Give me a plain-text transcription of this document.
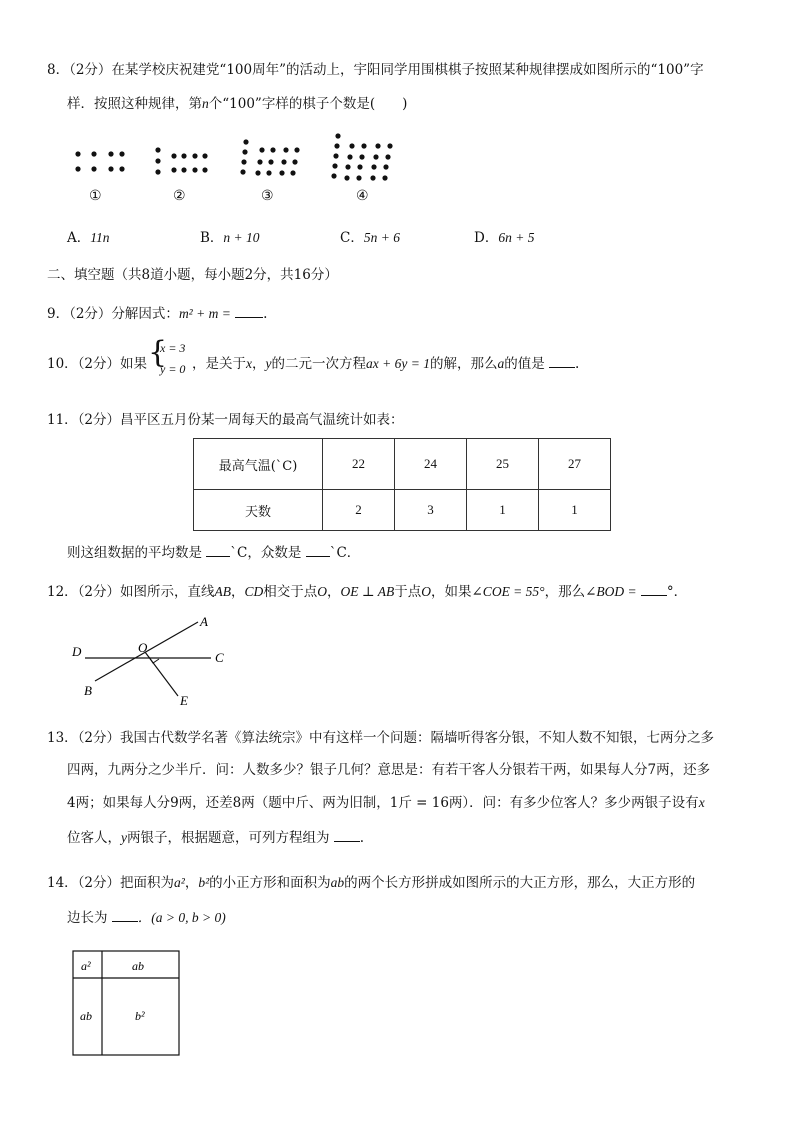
8．（2分）在某学校庆祝建党“100周年”的活动上，宇阳同学用围棋棋子按照某种规律摆成如图所示的“100”字
样．按照这种规律，第n个“100”字样的棋子个数是(　　)
①	②	③	④
A．11n	B．n + 10	C．5n + 6	D．6n + 5
二、填空题（共8道小题，每小题2分，共16分）
9．（2分）分解因式：m² + m = .
10．（2分）如果 {
x = 3
y = 0 ，是关于x，y的二元一次方程ax + 6y = 1的解，那么a的值是 .
11．（2分）昌平区五月份某一周每天的最高气温统计如表：
最高气温(`C)	22	24	25	27
天数	2	3	1	1
则这组数据的平均数是 `C，众数是 `C．
12．（2分）如图所示，直线AB，CD相交于点O，OE ⊥ AB于点O，如果∠COE = 55°，那么∠BOD = °．
D	O
A
C
B
E
13．（2分）我国古代数学名著《算法统宗》中有这样一个问题：隔墙听得客分银，不知人数不知银，七两分之多
四两，九两分之少半斤．问：人数多少？银子几何？意思是：有若干客人分银若干两，如果每人分7两，还多
4两；如果每人分9两，还差8两（题中斤、两为旧制，1斤 = 16两）．问：有多少位客人？多少两银子设有x
位客人，y两银子，根据题意，可列方程组为 .
14．（2分）把面积为a²，b²的小正方形和面积为ab的两个长方形拼成如图所示的大正方形，那么，大正方形的
边长为 ．(a > 0, b > 0)
a²	ab
ab	b²
